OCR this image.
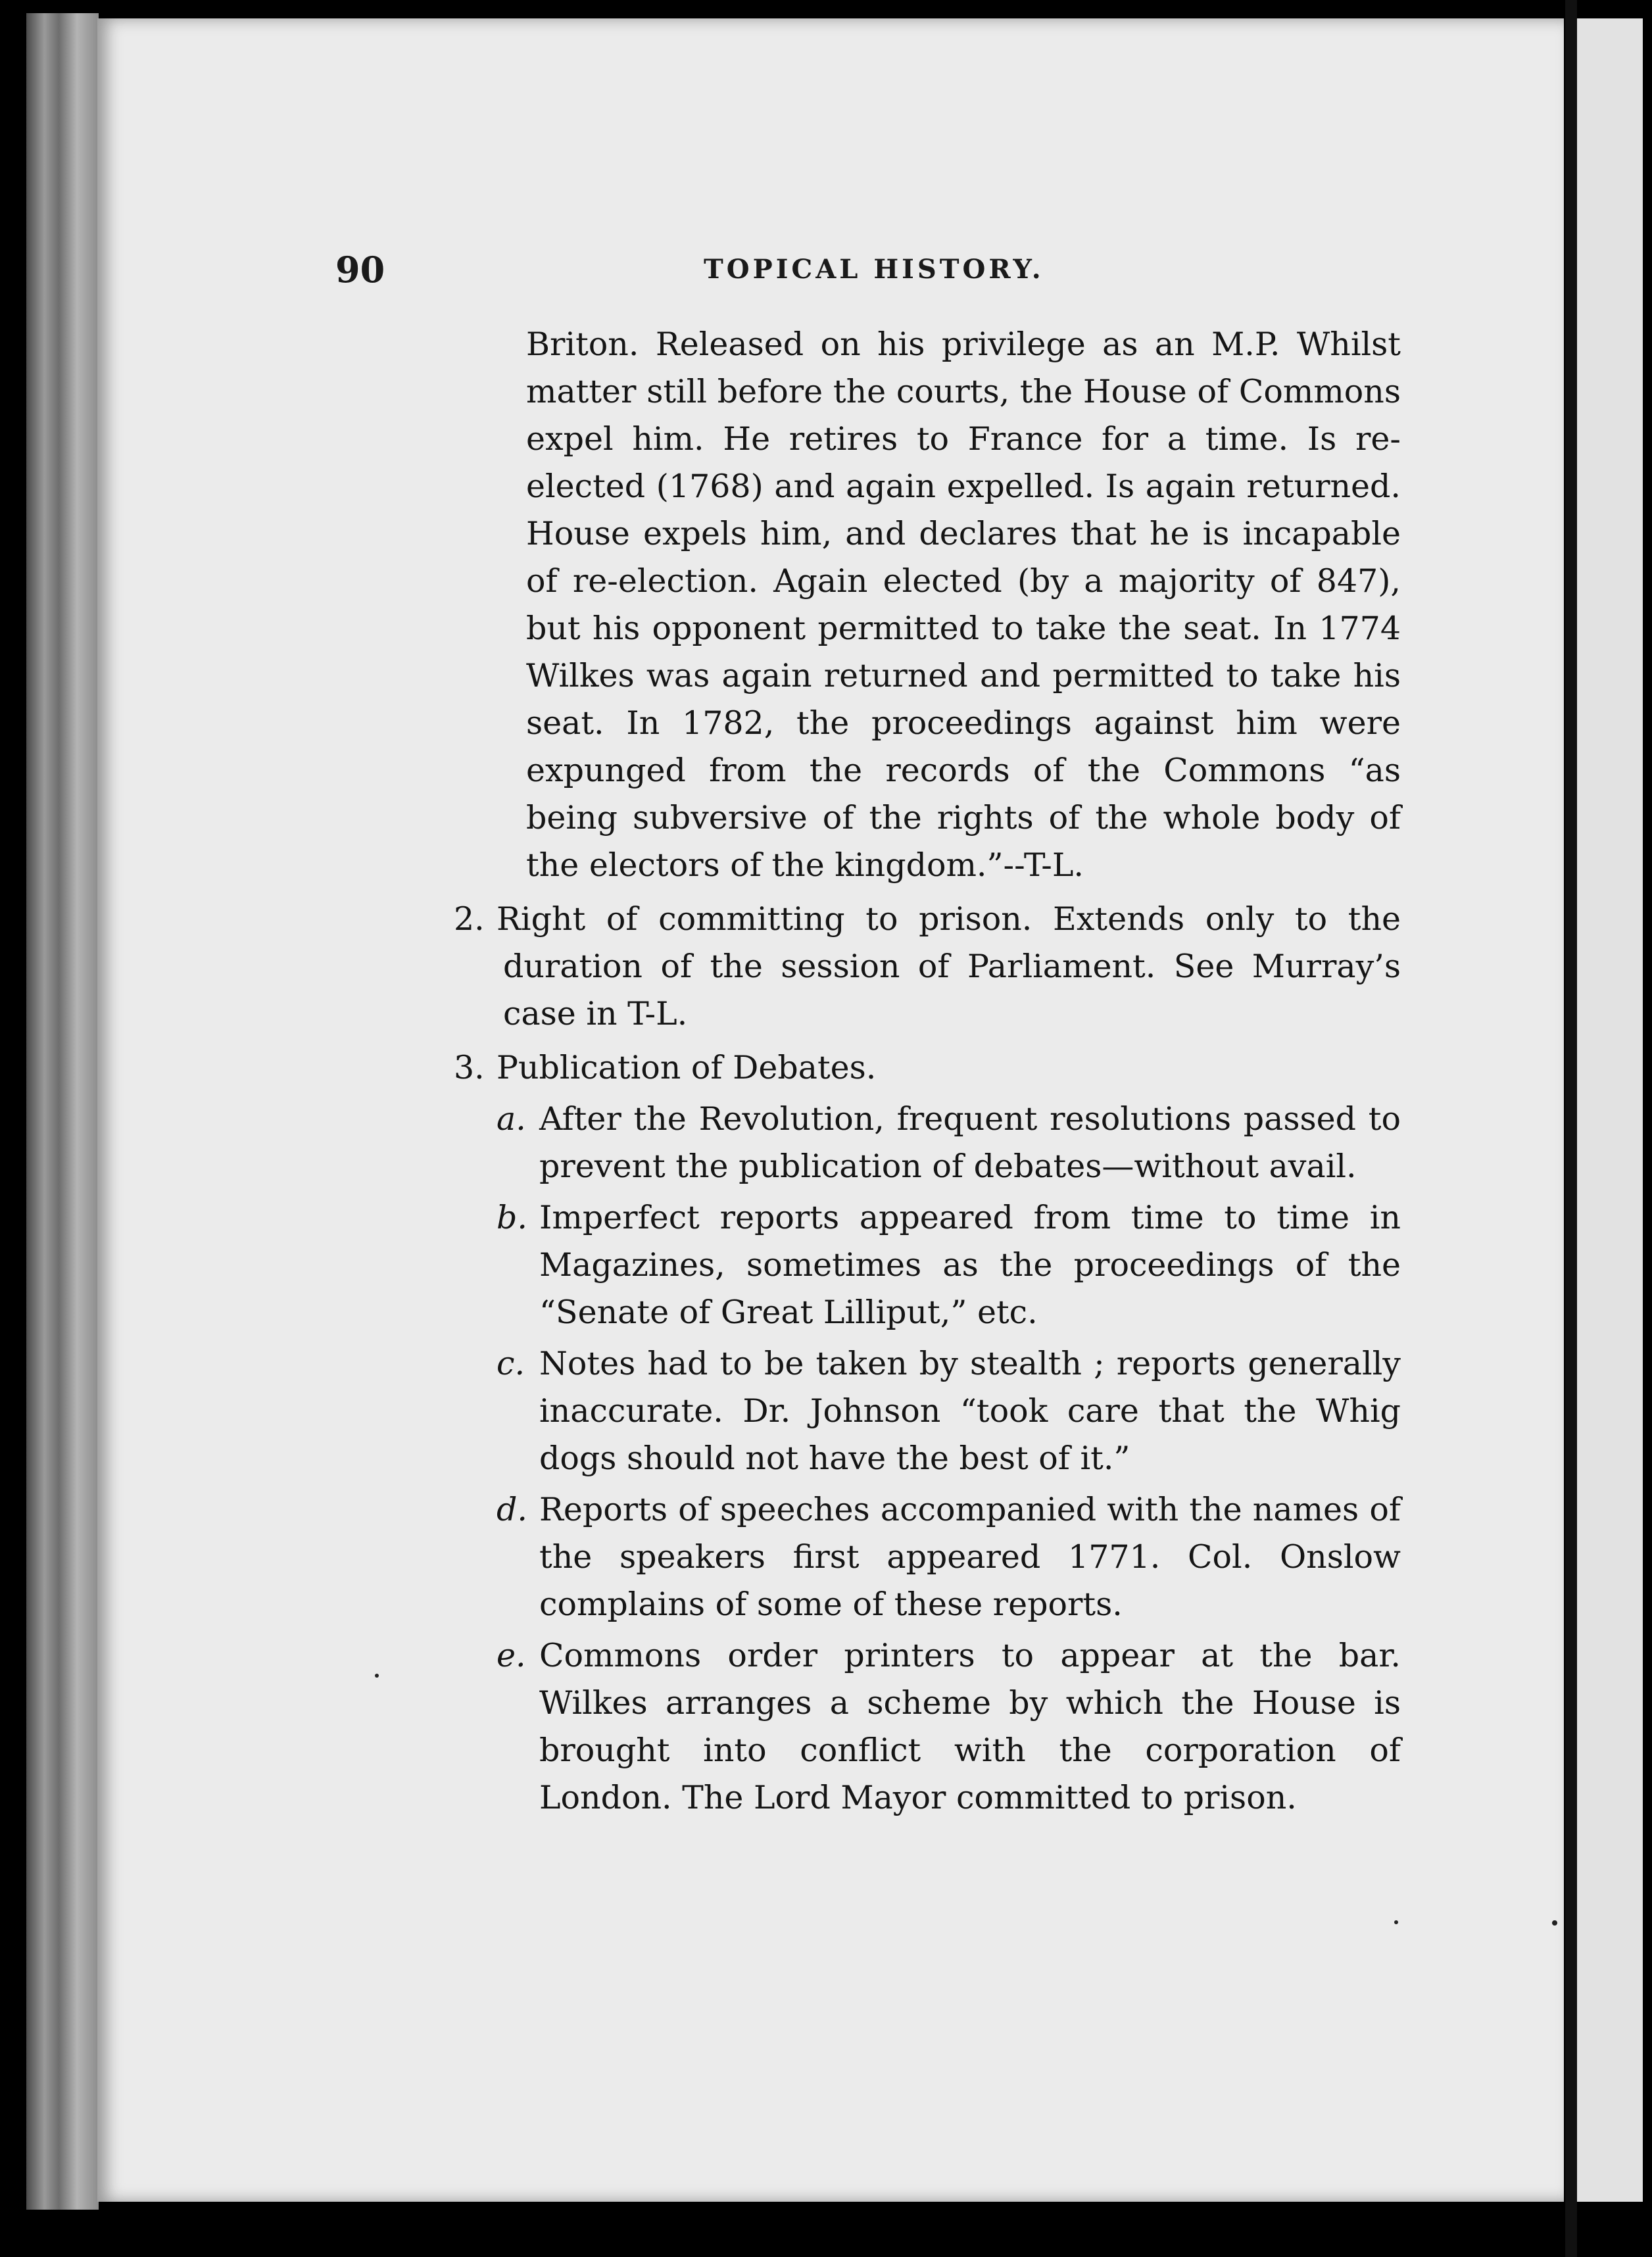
90	TOPICAL HISTORY.

Briton. Released on his privilege as an M.P. Whilst matter still before the courts, the House of Commons expel him. He retires to France for a time. Is re-elected (1768) and again expelled. Is again returned. House expels him, and declares that he is incapable of re-election. Again elected (by a majority of 847), but his opponent permitted to take the seat. In 1774 Wilkes was again returned and permitted to take his seat. In 1782, the proceedings against him were expunged from the records of the Commons “as being subversive of the rights of the whole body of the electors of the kingdom.”--T-L.

2. Right of committing to prison. Extends only to the duration of the session of Parliament. See Murray’s case in T-L.
3. Publication of Debates.
a. After the Revolution, frequent resolutions passed to prevent the publication of debates—without avail.
b. Imperfect reports appeared from time to time in Magazines, sometimes as the proceedings of the “Senate of Great Lilliput,” etc.
c. Notes had to be taken by stealth ; reports generally inaccurate. Dr. Johnson “took care that the Whig dogs should not have the best of it.”
d. Reports of speeches accompanied with the names of the speakers first appeared 1771. Col. Onslow complains of some of these reports.
e. Commons order printers to appear at the bar. Wilkes arranges a scheme by which the House is brought into conflict with the corporation of London. The Lord Mayor committed to prison.
